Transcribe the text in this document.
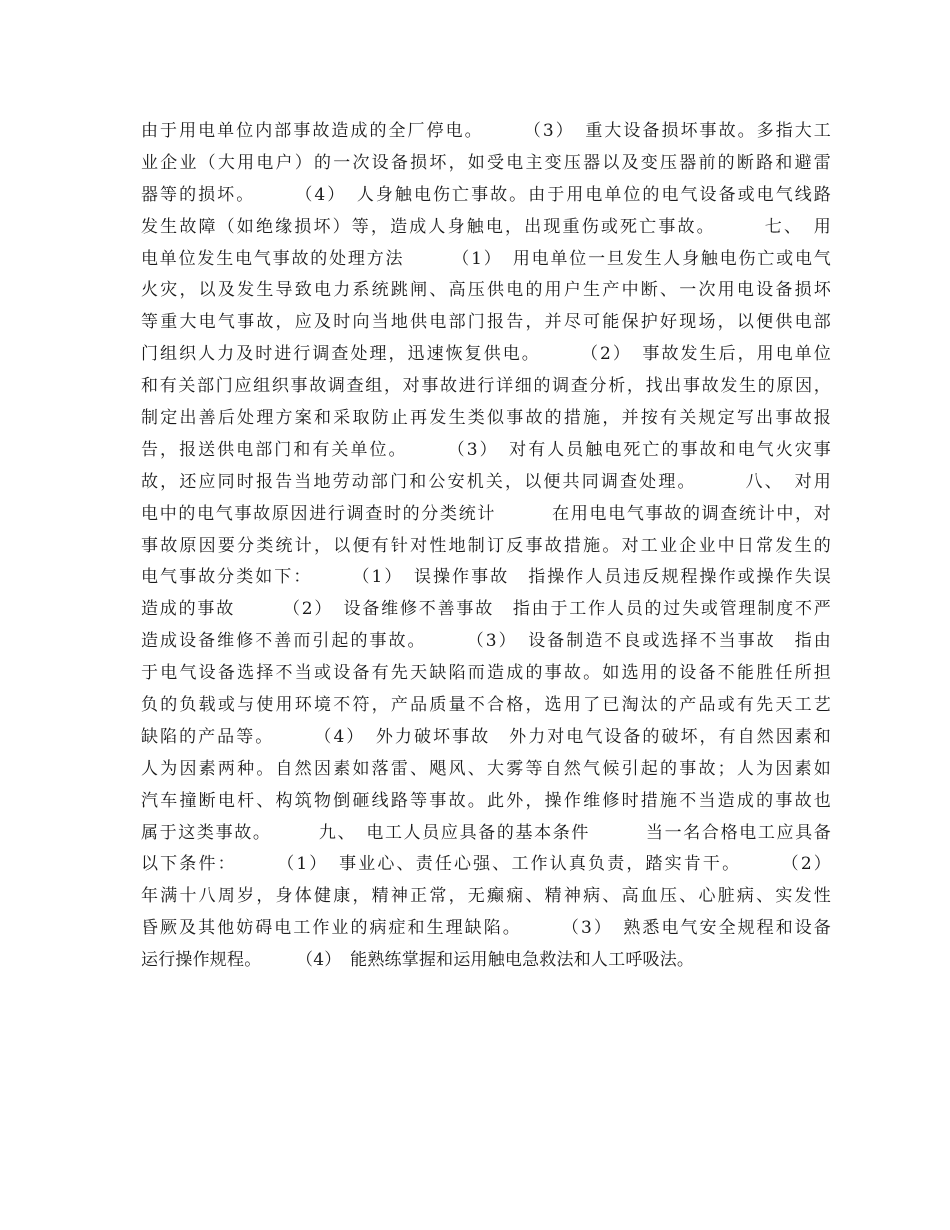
由于用电单位内部事故造成的全厂停电。　　　（3）　重大设备损坏事故。多指大工
业企业（大用电户）的一次设备损坏，如受电主变压器以及变压器前的断路和避雷
器等的损坏。　　　（4）　人身触电伤亡事故。由于用电单位的电气设备或电气线路
发生故障（如绝缘损坏）等，造成人身触电，出现重伤或死亡事故。　　　七、　用
电单位发生电气事故的处理方法　　　（1）　用电单位一旦发生人身触电伤亡或电气
火灾，以及发生导致电力系统跳闸、高压供电的用户生产中断、一次用电设备损坏
等重大电气事故，应及时向当地供电部门报告，并尽可能保护好现场，以便供电部
门组织人力及时进行调查处理，迅速恢复供电。　　　（2）　事故发生后，用电单位
和有关部门应组织事故调查组，对事故进行详细的调查分析，找出事故发生的原因，
制定出善后处理方案和采取防止再发生类似事故的措施，并按有关规定写出事故报
告，报送供电部门和有关单位。　　　（3）　对有人员触电死亡的事故和电气火灾事
故，还应同时报告当地劳动部门和公安机关，以便共同调查处理。　　　八、　对用
电中的电气事故原因进行调查时的分类统计　　　在用电电气事故的调查统计中，对
事故原因要分类统计，以便有针对性地制订反事故措施。对工业企业中日常发生的
电气事故分类如下：　　　（1）　误操作事故　指操作人员违反规程操作或操作失误
造成的事故　　　（2）　设备维修不善事故　指由于工作人员的过失或管理制度不严
造成设备维修不善而引起的事故。　　　（3）　设备制造不良或选择不当事故　指由
于电气设备选择不当或设备有先天缺陷而造成的事故。如选用的设备不能胜任所担
负的负载或与使用环境不符，产品质量不合格，选用了已淘汰的产品或有先天工艺
缺陷的产品等。　　　（4）　外力破坏事故　外力对电气设备的破坏，有自然因素和
人为因素两种。自然因素如落雷、飓风、大雾等自然气候引起的事故；人为因素如
汽车撞断电杆、构筑物倒砸线路等事故。此外，操作维修时措施不当造成的事故也
属于这类事故。　　　九、　电工人员应具备的基本条件　　　当一名合格电工应具备
以下条件：　　　（1）　事业心、责任心强、工作认真负责，踏实肯干。　　　（2）
年满十八周岁，身体健康，精神正常，无癫痫、精神病、高血压、心脏病、实发性
昏厥及其他妨碍电工作业的病症和生理缺陷。　　　（3）　熟悉电气安全规程和设备
运行操作规程。　　　（4）　能熟练掌握和运用触电急救法和人工呼吸法。
